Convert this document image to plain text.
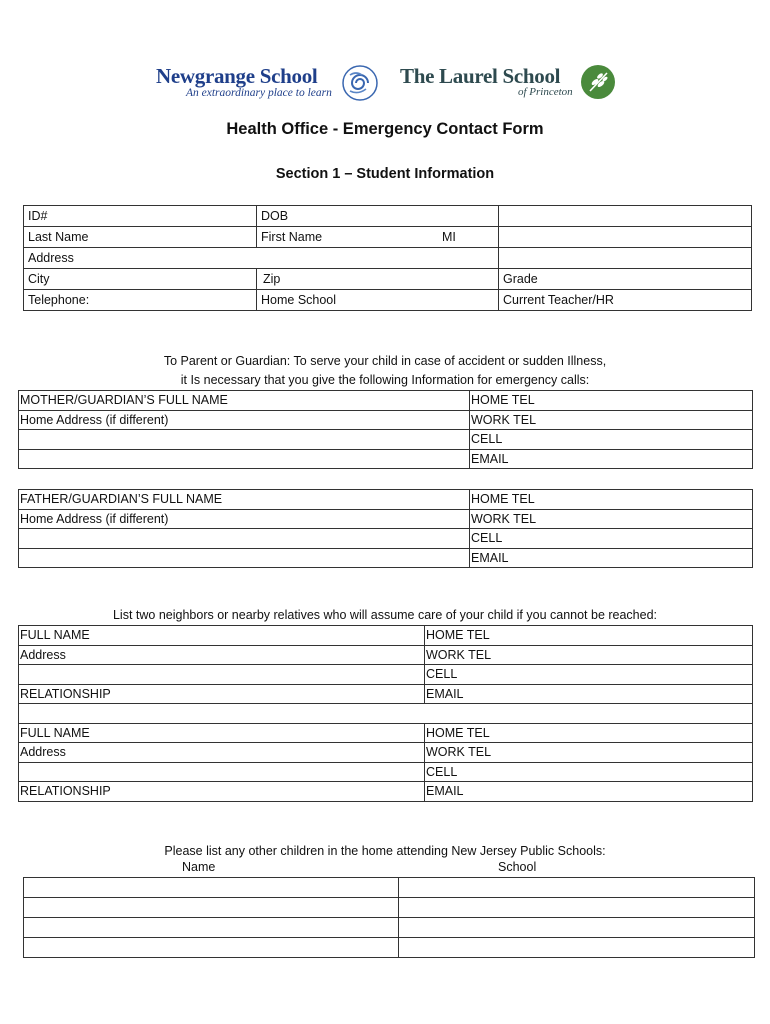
Newgrange School
An extraordinary place to learn
The Laurel School
of Princeton
Health Office - Emergency Contact Form
Section 1 – Student Information
ID#	DOB	
Last Name	First Name MI	

Address		
City	Zip	Grade
Telephone:	Home School	Current Teacher/HR
To Parent or Guardian: To serve your child in case of accident or sudden Illness,
it Is necessary that you give the following Information for emergency calls:
MOTHER/GUARDIAN’S FULL NAME	HOME TEL
Home Address (if different)	WORK TEL
	CELL
	EMAIL
FATHER/GUARDIAN’S FULL NAME	HOME TEL
Home Address (if different)	WORK TEL
	CELL
	EMAIL
List two neighbors or nearby relatives who will assume care of your child if you cannot be reached:
FULL NAME	HOME TEL
Address	WORK TEL
	CELL
RELATIONSHIP	EMAIL

FULL NAME	HOME TEL
Address	WORK TEL
	CELL
RELATIONSHIP	EMAIL
Please list any other children in the home attending New Jersey Public Schools:
Name	School
